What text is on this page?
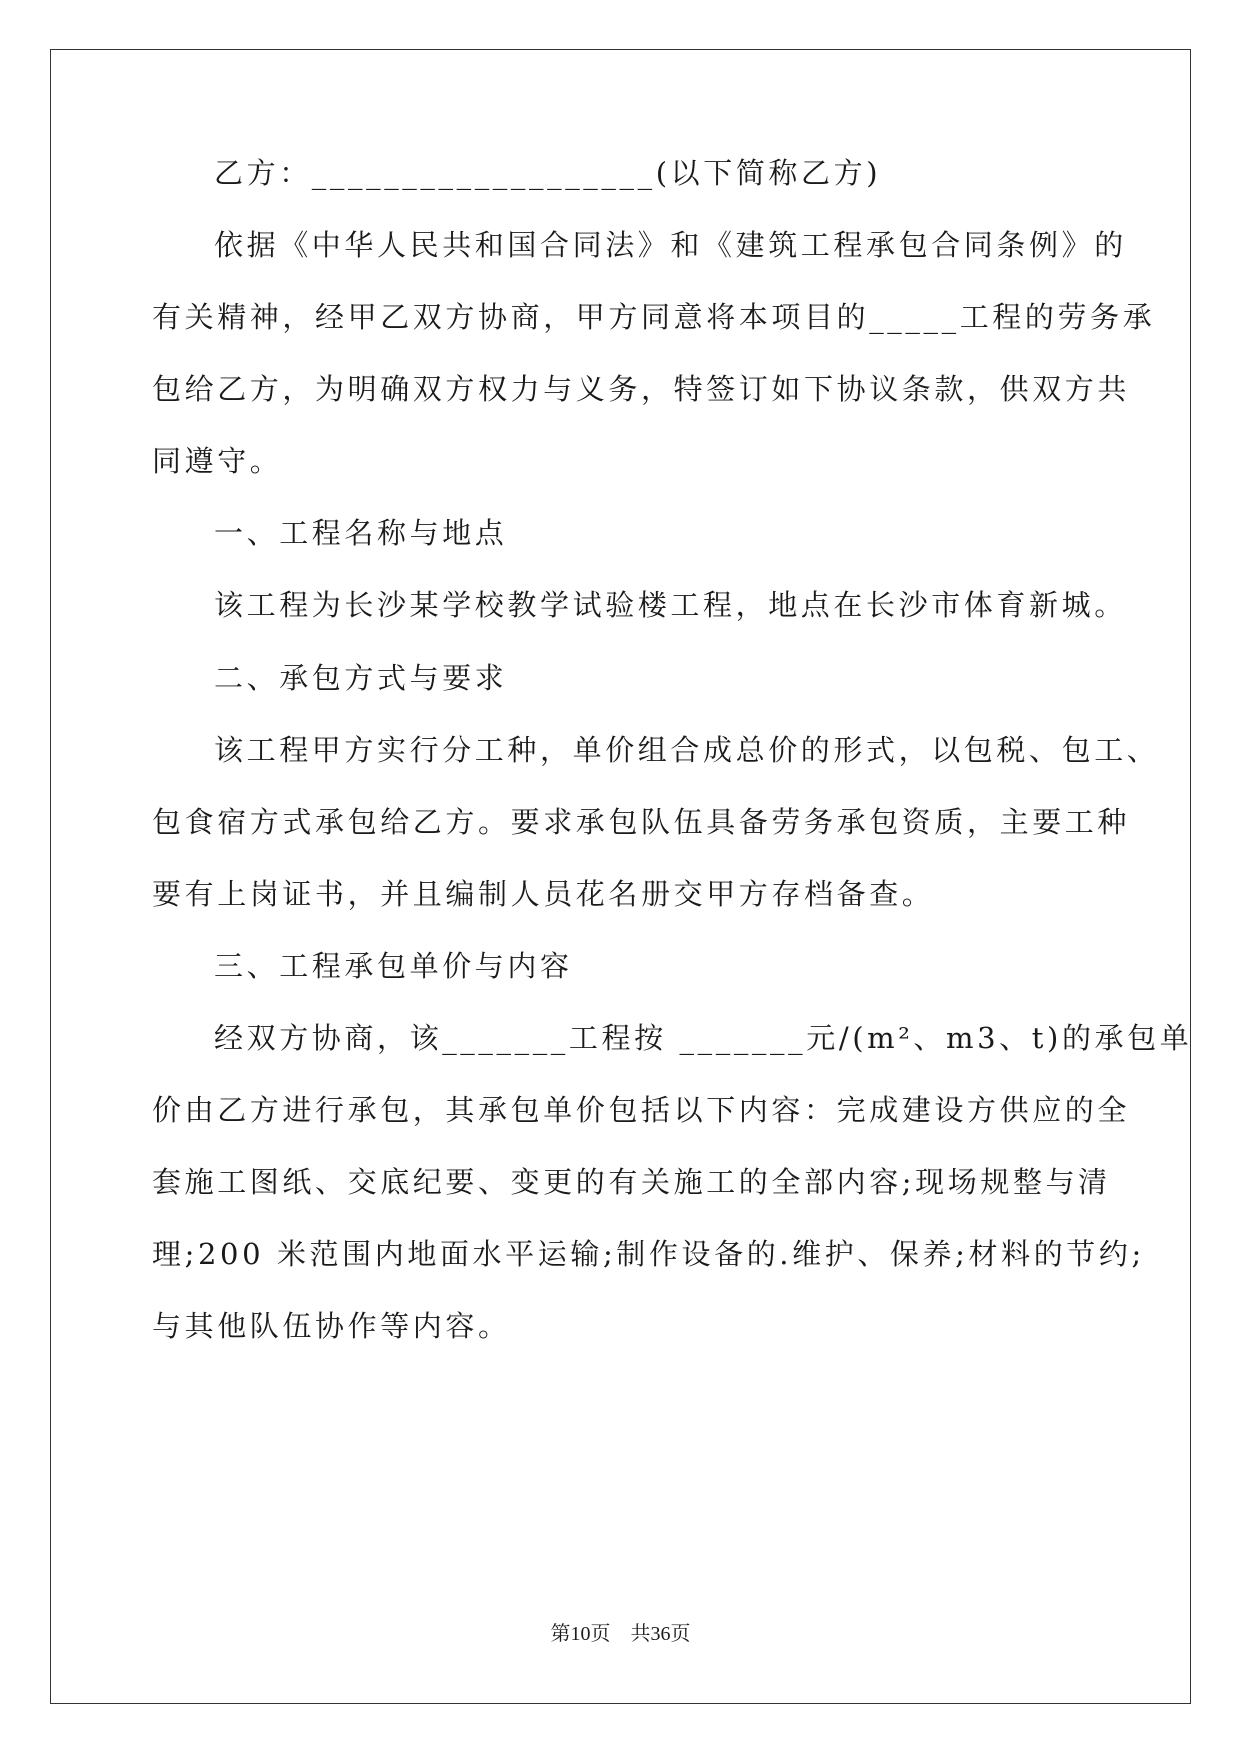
乙方：___________________(以下简称乙方)
依据《中华人民共和国合同法》和《建筑工程承包合同条例》的
有关精神，经甲乙双方协商，甲方同意将本项目的_____工程的劳务承
包给乙方，为明确双方权力与义务，特签订如下协议条款，供双方共
同遵守。
一、工程名称与地点
该工程为长沙某学校教学试验楼工程，地点在长沙市体育新城。
二、承包方式与要求
该工程甲方实行分工种，单价组合成总价的形式，以包税、包工、
包食宿方式承包给乙方。要求承包队伍具备劳务承包资质，主要工种
要有上岗证书，并且编制人员花名册交甲方存档备查。
三、工程承包单价与内容
经双方协商，该_______工程按 _______元/(m²、m3、t)的承包单
价由乙方进行承包，其承包单价包括以下内容：完成建设方供应的全
套施工图纸、交底纪要、变更的有关施工的全部内容;现场规整与清
理;200 米范围内地面水平运输;制作设备的.维护、保养;材料的节约;
与其他队伍协作等内容。
第10页　共36页
